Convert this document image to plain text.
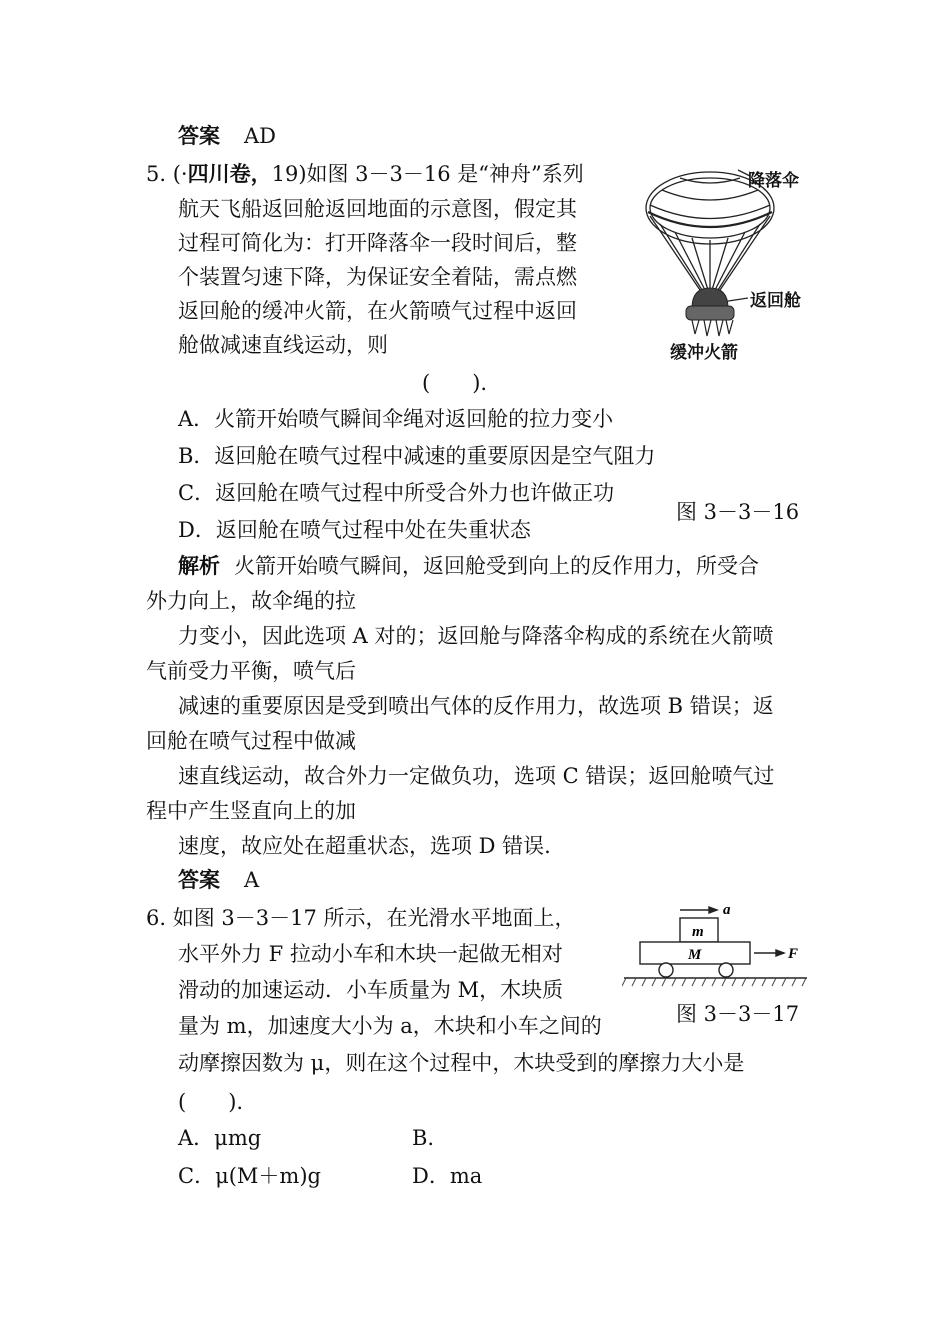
答案 AD
5. (·四川卷，19)如图 3－3－16 是“神舟”系列
航天飞船返回舱返回地面的示意图，假定其
过程可简化为：打开降落伞一段时间后，整
个装置匀速下降，为保证安全着陆，需点燃
返回舱的缓冲火箭，在火箭喷气过程中返回
舱做减速直线运动，则
(　　).
A．火箭开始喷气瞬间伞绳对返回舱的拉力变小
B．返回舱在喷气过程中减速的重要原因是空气阻力
C．返回舱在喷气过程中所受合外力也许做正功
D．返回舱在喷气过程中处在失重状态
图 3－3－16
降落伞
返回舱
缓冲火箭
解析 火箭开始喷气瞬间，返回舱受到向上的反作用力，所受合
外力向上，故伞绳的拉
力变小，因此选项 A 对的；返回舱与降落伞构成的系统在火箭喷
气前受力平衡，喷气后
减速的重要原因是受到喷出气体的反作用力，故选项 B 错误；返
回舱在喷气过程中做减
速直线运动，故合外力一定做负功，选项 C 错误；返回舱喷气过
程中产生竖直向上的加
速度，故应处在超重状态，选项 D 错误.
答案 A
6. 如图 3－3－17 所示，在光滑水平地面上，
水平外力 F 拉动小车和木块一起做无相对
滑动的加速运动．小车质量为 M，木块质
量为 m，加速度大小为 a，木块和小车之间的
动摩擦因数为 μ，则在这个过程中，木块受到的摩擦力大小是
(　　).
A．μmg	B.
C．μ(M＋m)g	D．ma
m
M
a
F
图 3－3－17
